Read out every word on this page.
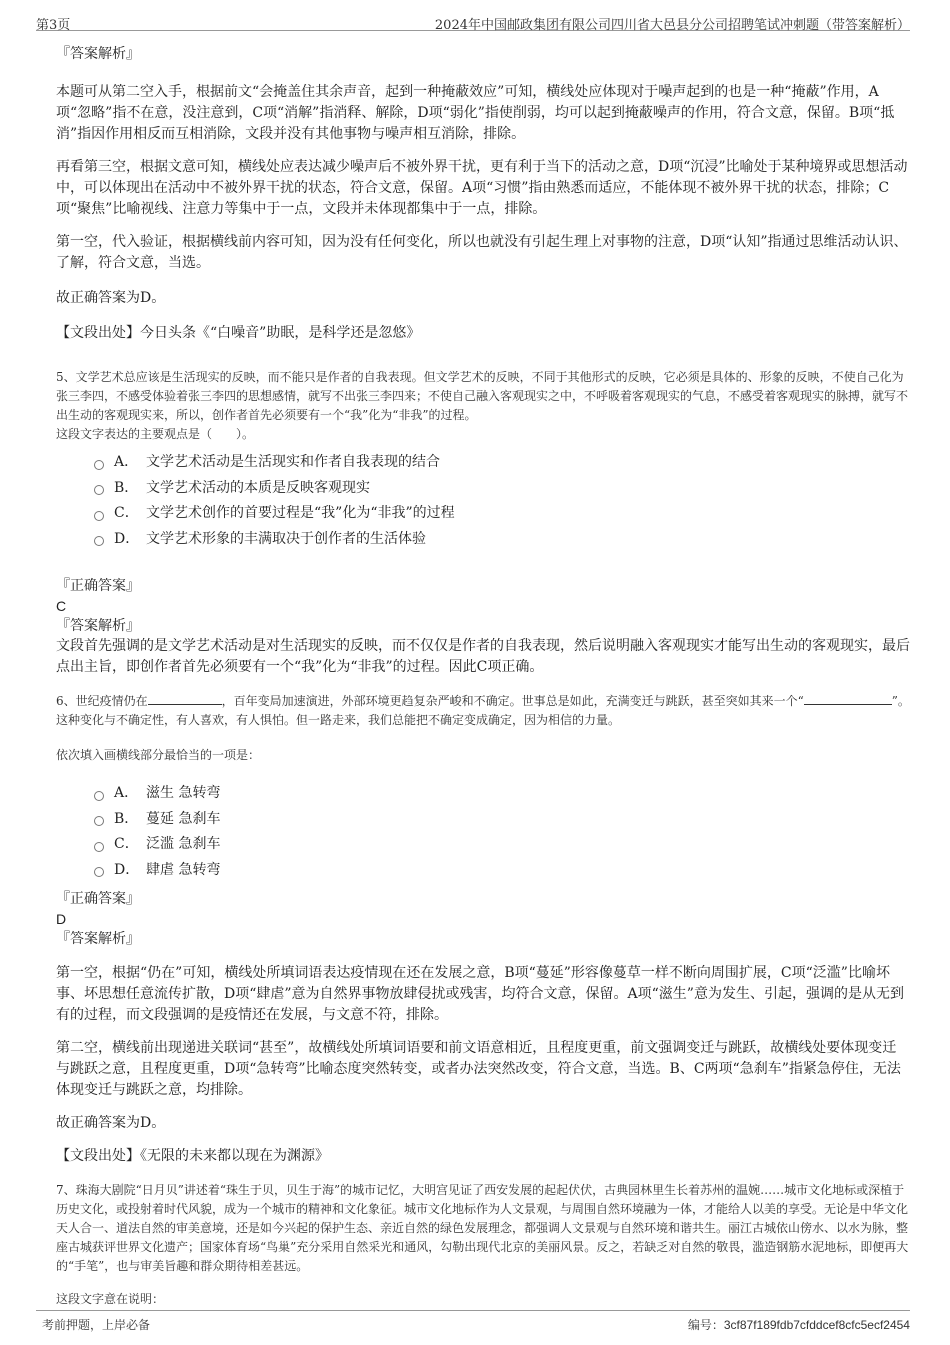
第3页	2024年中国邮政集团有限公司四川省大邑县分公司招聘笔试冲刺题（带答案解析）

『答案解析』

本题可从第二空入手，根据前文“会掩盖住其余声音，起到一种掩蔽效应”可知，横线处应体现对于噪声起到的也是一种“掩蔽”作用，A项“忽略”指不在意，没注意到，C项“消解”指消释、解除，D项“弱化”指使削弱，均可以起到掩蔽噪声的作用，符合文意，保留。B项“抵消”指因作用相反而互相消除，文段并没有其他事物与噪声相互消除，排除。

再看第三空，根据文意可知，横线处应表达减少噪声后不被外界干扰，更有利于当下的活动之意，D项“沉浸”比喻处于某种境界或思想活动中，可以体现出在活动中不被外界干扰的状态，符合文意，保留。A项“习惯”指由熟悉而适应，不能体现不被外界干扰的状态，排除；C项“聚焦”比喻视线、注意力等集中于一点，文段并未体现都集中于一点，排除。

第一空，代入验证，根据横线前内容可知，因为没有任何变化，所以也就没有引起生理上对事物的注意，D项“认知”指通过思维活动认识、了解，符合文意，当选。

故正确答案为D。

【文段出处】今日头条《“白噪音”助眠，是科学还是忽悠》

5、文学艺术总应该是生活现实的反映，而不能只是作者的自我表现。但文学艺术的反映，不同于其他形式的反映，它必须是具体的、形象的反映，不使自己化为张三李四，不感受体验着张三李四的思想感情，就写不出张三李四来；不使自己融入客观现实之中，不呼吸着客观现实的气息，不感受着客观现实的脉搏，就写不出生动的客观现实来，所以，创作者首先必须要有一个“我”化为“非我”的过程。

这段文字表达的主要观点是（　　）。

A． 文学艺术活动是生活现实和作者自我表现的结合
B． 文学艺术活动的本质是反映客观现实
C． 文学艺术创作的首要过程是“我”化为“非我”的过程
D． 文学艺术形象的丰满取决于创作者的生活体验

『正确答案』

C

『答案解析』

文段首先强调的是文学艺术活动是对生活现实的反映，而不仅仅是作者的自我表现，然后说明融入客观现实才能写出生动的客观现实，最后点出主旨，即创作者首先必须要有一个“我”化为“非我”的过程。因此C项正确。

6、世纪疫情仍在	，百年变局加速演进，外部环境更趋复杂严峻和不确定。世事总是如此，充满变迁与跳跃，甚至突如其来一个“	”。这种变化与不确定性，有人喜欢，有人惧怕。但一路走来，我们总能把不确定变成确定，因为相信的力量。

依次填入画横线部分最恰当的一项是：

A． 滋生 急转弯
B． 蔓延 急刹车
C． 泛滥 急刹车
D． 肆虐 急转弯

『正确答案』

D

『答案解析』

第一空，根据“仍在”可知，横线处所填词语表达疫情现在还在发展之意，B项“蔓延”形容像蔓草一样不断向周围扩展，C项“泛滥”比喻坏事、坏思想任意流传扩散，D项“肆虐”意为自然界事物放肆侵扰或残害，均符合文意，保留。A项“滋生”意为发生、引起，强调的是从无到有的过程，而文段强调的是疫情还在发展，与文意不符，排除。

第二空，横线前出现递进关联词“甚至”，故横线处所填词语要和前文语意相近，且程度更重，前文强调变迁与跳跃，故横线处要体现变迁与跳跃之意，且程度更重，D项“急转弯”比喻态度突然转变，或者办法突然改变，符合文意，当选。B、C两项“急刹车”指紧急停住，无法体现变迁与跳跃之意，均排除。

故正确答案为D。

【文段出处】《无限的未来都以现在为渊源》

7、珠海大剧院“日月贝”讲述着“珠生于贝，贝生于海”的城市记忆，大明宫见证了西安发展的起起伏伏，古典园林里生长着苏州的温婉……城市文化地标或深植于历史文化，或投射着时代风貌，成为一个城市的精神和文化象征。城市文化地标作为人文景观，与周围自然环境融为一体，才能给人以美的享受。无论是中华文化天人合一、道法自然的审美意境，还是如今兴起的保护生态、亲近自然的绿色发展理念，都强调人文景观与自然环境和谐共生。丽江古城依山傍水、以水为脉，整座古城获评世界文化遗产；国家体育场“鸟巢”充分采用自然采光和通风，勾勒出现代北京的美丽风景。反之，若缺乏对自然的敬畏，滥造钢筋水泥地标，即便再大的“手笔”，也与审美旨趣和群众期待相差甚远。

这段文字意在说明：

考前押题，上岸必备	编号：3cf87f189fdb7cfddcef8cfc5ecf2454
